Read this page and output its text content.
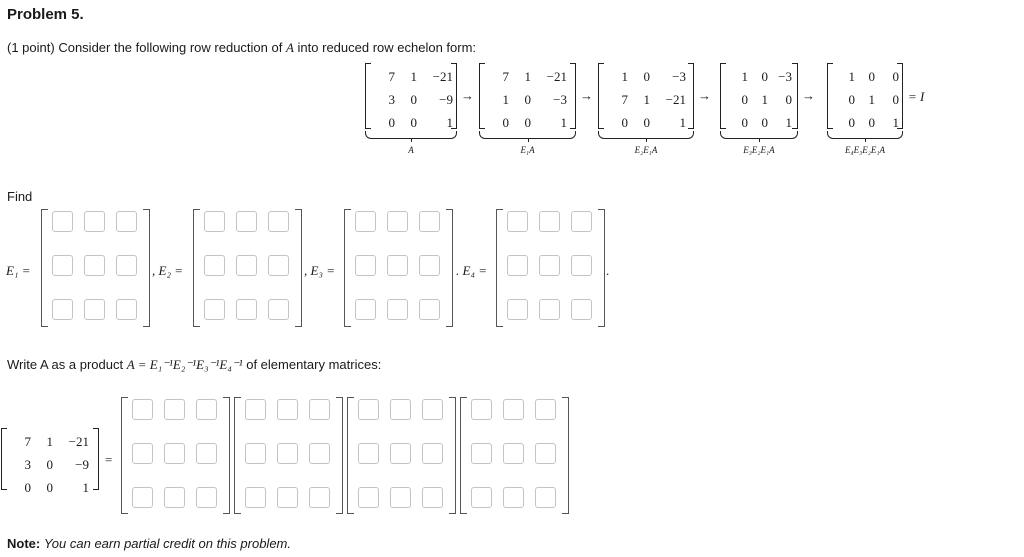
Problem 5.
(1 point) Consider the following row reduction of A into reduced row echelon form:
7	1	−21
3	0	−9
0	0	1
A
→
7	1	−21
1	0	−3
0	0	1
E₁A
→
1	0	−3
7	1	−21
0	0	1
E₂E₁A
→
1	0	−3
0	1	0
0	0	1
E₃E₂E₁A
→
1	0	0
0	1	0
0	0	1
E₄E₃E₂E₁A
= I
Find
E₁ =	, E₂ =	, E₃ =	. E₄ =	.
Write A as a product A = E₁⁻¹E₂⁻¹E₃⁻¹E₄⁻¹ of elementary matrices:
7	1	−21
3	0	−9
0	0	1
=
Note: You can earn partial credit on this problem.
